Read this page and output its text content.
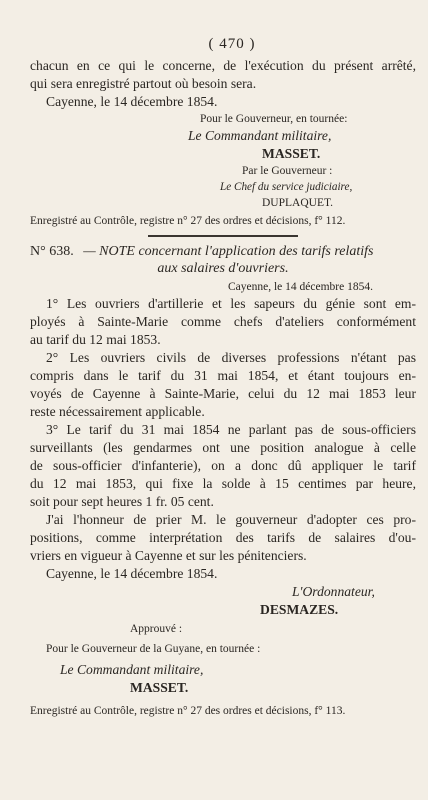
( 470 )
chacun en ce qui le concerne, de l'exécution du présent arrêté,
qui sera enregistré partout où besoin sera.
Cayenne, le 14 décembre 1854.
Pour le Gouverneur, en tournée:
Le Commandant militaire,
MASSET.
Par le Gouverneur :
Le Chef du service judiciaire,
DUPLAQUET.
Enregistré au Contrôle, registre n° 27 des ordres et décisions, f° 112.
N° 638. — NOTE concernant l'application des tarifs relatifs
aux salaires d'ouvriers.
Cayenne, le 14 décembre 1854.
1° Les ouvriers d'artillerie et les sapeurs du génie sont em-
ployés à Sainte-Marie comme chefs d'ateliers conformément
au tarif du 12 mai 1853.
2° Les ouvriers civils de diverses professions n'étant pas
compris dans le tarif du 31 mai 1854, et étant toujours en-
voyés de Cayenne à Sainte-Marie, celui du 12 mai 1853 leur
reste nécessairement applicable.
3° Le tarif du 31 mai 1854 ne parlant pas de sous-officiers
surveillants (les gendarmes ont une position analogue à celle
de sous-officier d'infanterie), on a donc dû appliquer le tarif
du 12 mai 1853, qui fixe la solde à 15 centimes par heure,
soit pour sept heures 1 fr. 05 cent.
J'ai l'honneur de prier M. le gouverneur d'adopter ces pro-
positions, comme interprétation des tarifs de salaires d'ou-
vriers en vigueur à Cayenne et sur les pénitenciers.
Cayenne, le 14 décembre 1854.
L'Ordonnateur,
DESMAZES.
Approuvé :
Pour le Gouverneur de la Guyane, en tournée :
Le Commandant militaire,
MASSET.
Enregistré au Contrôle, registre n° 27 des ordres et décisions, f° 113.
